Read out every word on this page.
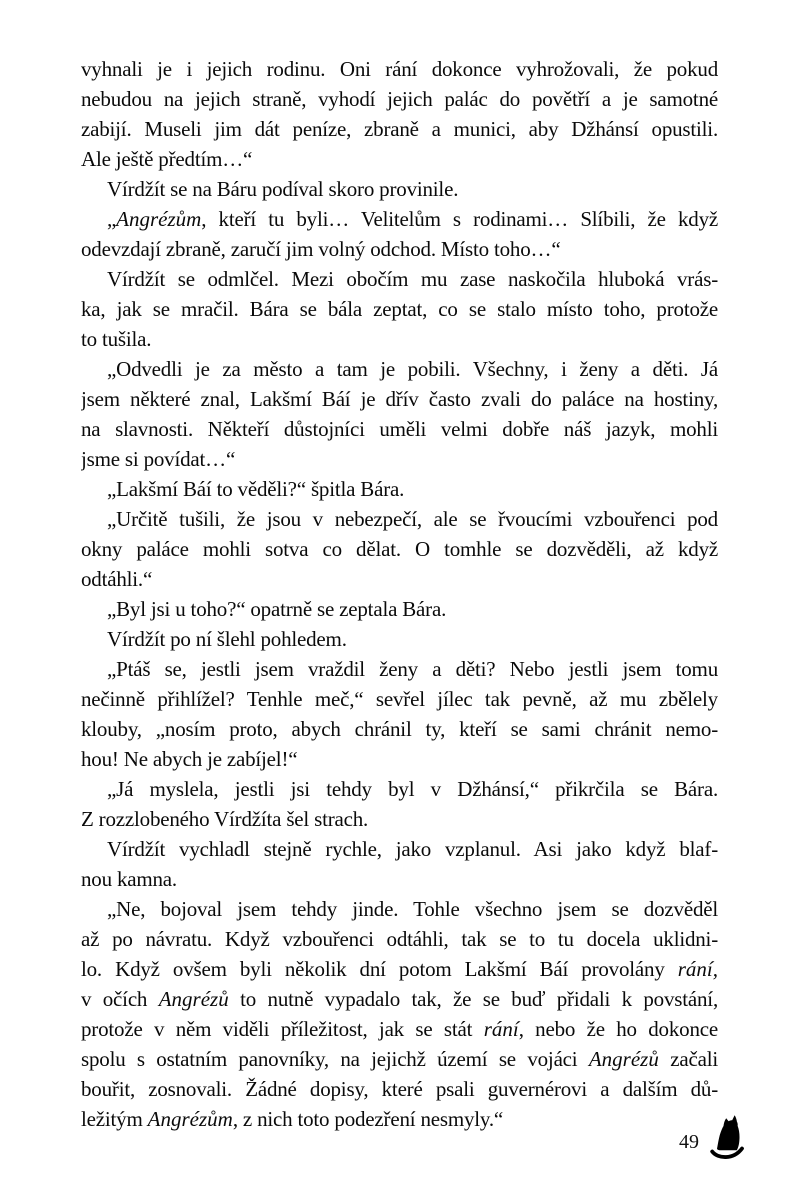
vyhnali je i jejich rodinu. Oni rání dokonce vyhrožovali, že pokud
nebudou na jejich straně, vyhodí jejich palác do povětří a je samotné
zabijí. Museli jim dát peníze, zbraně a munici, aby Džhánsí opustili.
Ale ještě předtím…“
Vírdžít se na Báru podíval skoro provinile.
„Angrézům, kteří tu byli… Velitelům s rodinami… Slíbili, že když
odevzdají zbraně, zaručí jim volný odchod. Místo toho…“
Vírdžít se odmlčel. Mezi obočím mu zase naskočila hluboká vrás-
ka, jak se mračil. Bára se bála zeptat, co se stalo místo toho, protože
to tušila.
„Odvedli je za město a tam je pobili. Všechny, i ženy a děti. Já
jsem některé znal, Lakšmí Báí je dřív často zvali do paláce na hostiny,
na slavnosti. Někteří důstojníci uměli velmi dobře náš jazyk, mohli
jsme si povídat…“
„Lakšmí Báí to věděli?“ špitla Bára.
„Určitě tušili, že jsou v nebezpečí, ale se řvoucími vzbouřenci pod
okny paláce mohli sotva co dělat. O tomhle se dozvěděli, až když
odtáhli.“
„Byl jsi u toho?“ opatrně se zeptala Bára.
Vírdžít po ní šlehl pohledem.
„Ptáš se, jestli jsem vraždil ženy a děti? Nebo jestli jsem tomu
nečinně přihlížel? Tenhle meč,“ sevřel jílec tak pevně, až mu zbělely
klouby, „nosím proto, abych chránil ty, kteří se sami chránit nemo-
hou! Ne abych je zabíjel!“
„Já myslela, jestli jsi tehdy byl v Džhánsí,“ přikrčila se Bára.
Z rozzlobeného Vírdžíta šel strach.
Vírdžít vychladl stejně rychle, jako vzplanul. Asi jako když blaf-
nou kamna.
„Ne, bojoval jsem tehdy jinde. Tohle všechno jsem se dozvěděl
až po návratu. Když vzbouřenci odtáhli, tak se to tu docela uklidni-
lo. Když ovšem byli několik dní potom Lakšmí Báí provolány rání,
v očích Angrézů to nutně vypadalo tak, že se buď přidali k povstání,
protože v něm viděli příležitost, jak se stát rání, nebo že ho dokonce
spolu s ostatním panovníky, na jejichž území se vojáci Angrézů začali
bouřit, zosnovali. Žádné dopisy, které psali guvernérovi a dalším dů-
ležitým Angrézům, z nich toto podezření nesmyly.“
49
